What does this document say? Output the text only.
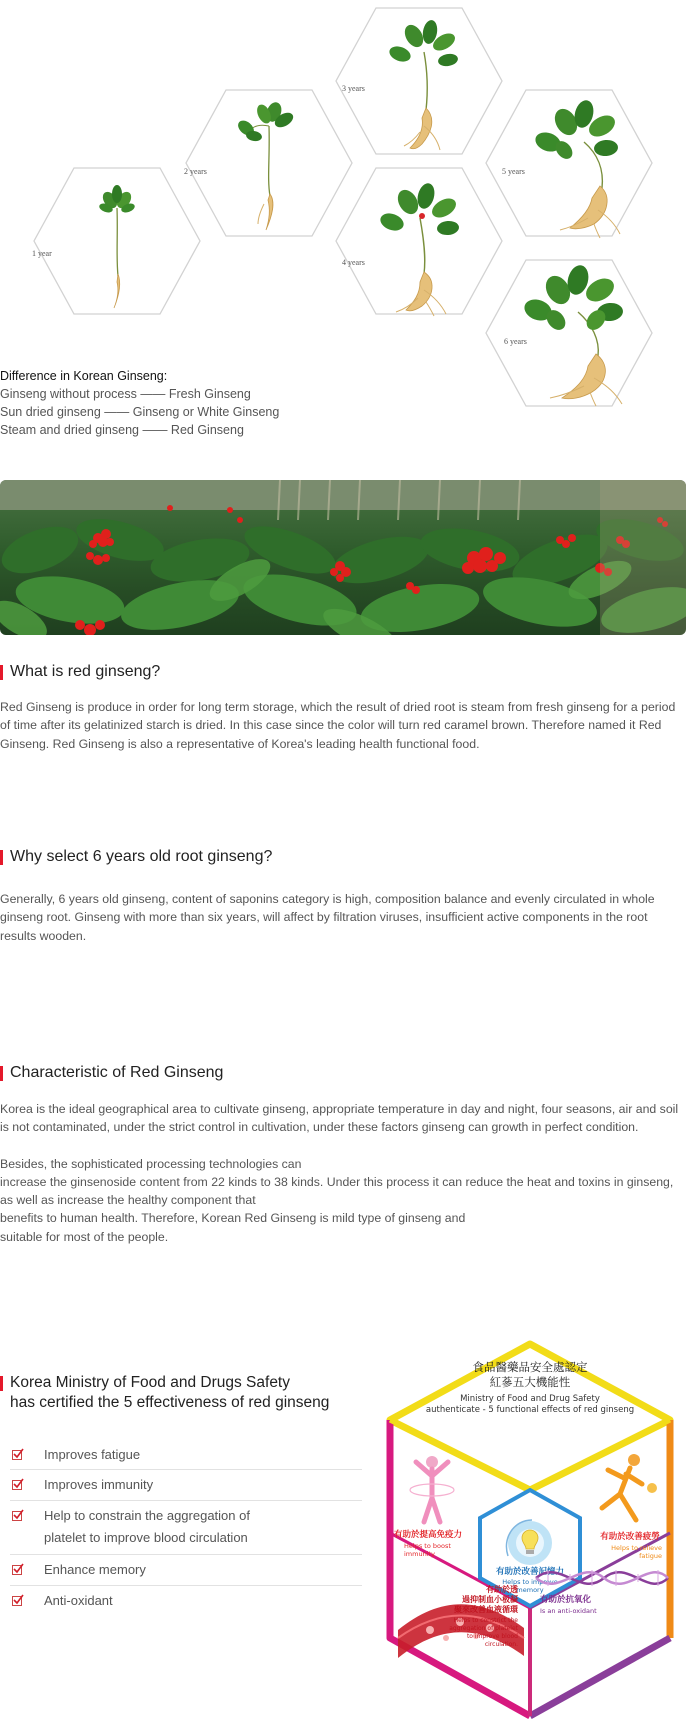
1 year
2 years
3 years
4 years
5 years
6 years
Difference in Korean Ginseng:
Ginseng without process —— Fresh Ginseng
Sun dried ginseng —— Ginseng or White Ginseng
Steam and dried ginseng —— Red Ginseng
What is red ginseng?

Red Ginseng is produce in order for long term storage, which the result of dried root is steam from fresh ginseng for a period of time after its gelatinized starch is dried. In this case since the color will turn red caramel brown. Therefore named it Red Ginseng. Red Ginseng is also a representative of Korea's leading health functional food.

Why select 6 years old root ginseng?

Generally, 6 years old ginseng, content of saponins category is high, composition balance and evenly circulated in whole ginseng root. Ginseng with more than six years, will affect by filtration viruses, insufficient active components in the root results wooden.

Characteristic of Red Ginseng

Korea is the ideal geographical area to cultivate ginseng, appropriate temperature in day and night, four seasons, air and soil is not contaminated, under the strict control in cultivation, under these factors ginseng can growth in perfect condition.

Besides, the sophisticated processing technologies can
increase the ginsenoside content from 22 kinds to 38 kinds. Under this process it can reduce the heat and toxins in ginseng, as well as increase the healthy component that
benefits to human health. Therefore, Korean Red Ginseng is mild type of ginseng and
suitable for most of the people.

Korea Ministry of Food and Drugs Safety
has certified the 5 effectiveness of red ginseng
Improves fatigue
Improves immunity
Help to constrain the aggregation of
platelet to improve blood circulation
Enhance memory
Anti-oxidant
食品醫藥品安全處認定
紅蔘五大機能性
Ministry of Food and Drug Safety
authenticate - 5 functional effects of red ginseng
有助於提高免疫力
Helps to boost
immunity
有助於改善記憶力
Helps to improve
memory
有助於改善疲勞
Helps to relieve
fatigue
有助於透
過抑制血小板凝
聚來改善血液循環
Helps to constrict the
aggregation of platelet
to improve blood
circulation.
有助於抗氧化
Is an anti-oxidant
